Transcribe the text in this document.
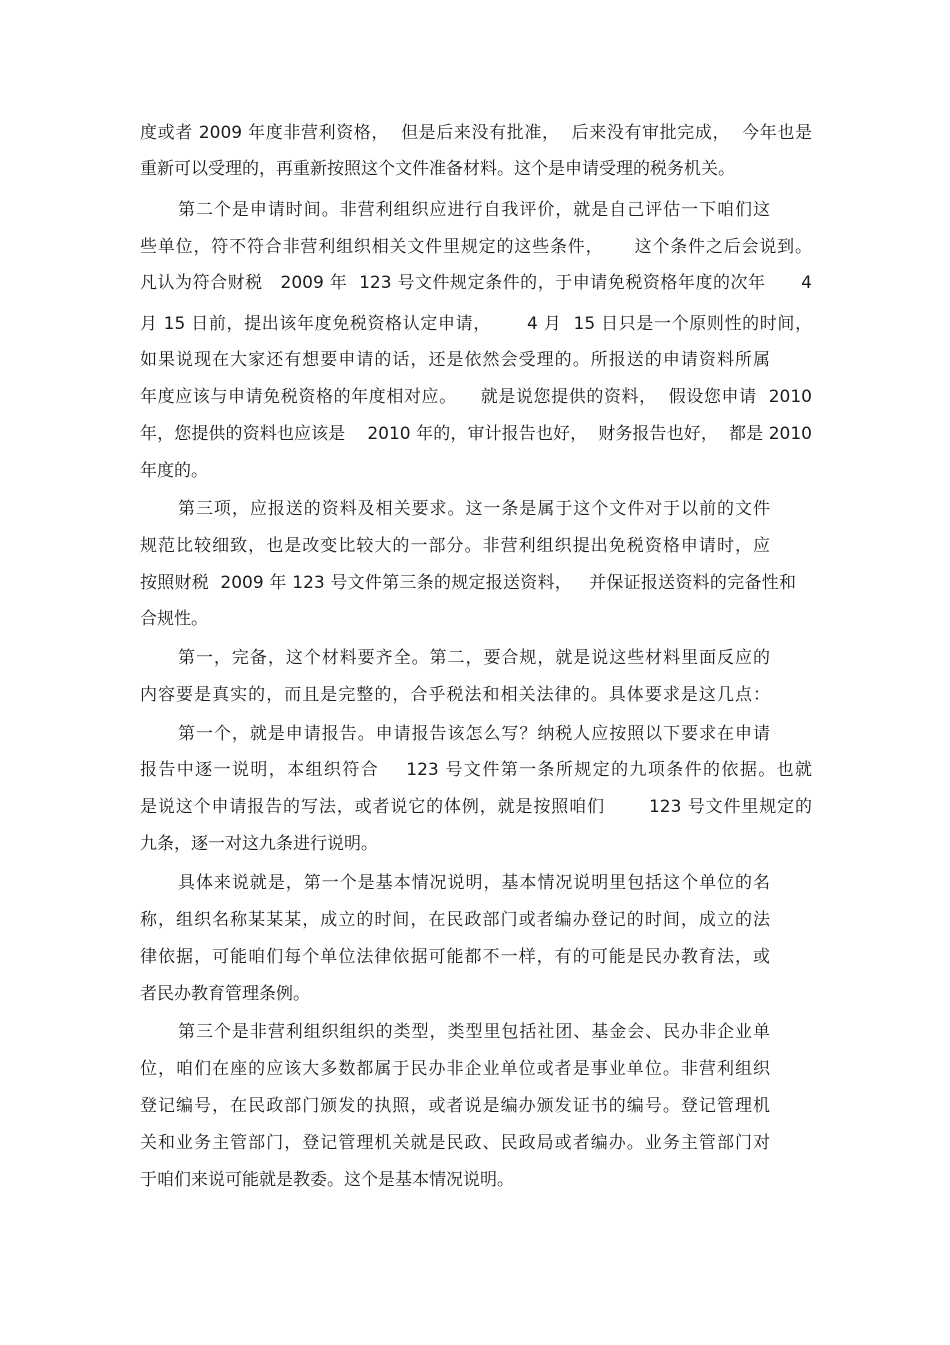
度或者 2009 年度非营利资格，  但是后来没有批准，  后来没有审批完成，  今年也是
重新可以受理的，再重新按照这个文件准备材料。这个是申请受理的税务机关。
第二个是申请时间。非营利组织应进行自我评价，就是自己评估一下咱们这
些单位，符不符合非营利组织相关文件里规定的这些条件，     这个条件之后会说到。
凡认为符合财税   2009 年  123 号文件规定条件的，于申请免税资格年度的次年      4
月 15 日前，提出该年度免税资格认定申请，      4 月  15 日只是一个原则性的时间，
如果说现在大家还有想要申请的话，还是依然会受理的。所报送的申请资料所属
年度应该与申请免税资格的年度相对应。    就是说您提供的资料，  假设您申请  2010
年，您提供的资料也应该是    2010 年的，审计报告也好，  财务报告也好，  都是 2010
年度的。
第三项，应报送的资料及相关要求。这一条是属于这个文件对于以前的文件
规范比较细致，也是改变比较大的一部分。非营利组织提出免税资格申请时，应
按照财税  2009 年 123 号文件第三条的规定报送资料，   并保证报送资料的完备性和
合规性。
第一，完备，这个材料要齐全。第二，要合规，就是说这些材料里面反应的
内容要是真实的，而且是完整的，合乎税法和相关法律的。具体要求是这几点：
第一个，就是申请报告。申请报告该怎么写？纳税人应按照以下要求在申请
报告中逐一说明，本组织符合    123 号文件第一条所规定的九项条件的依据。也就
是说这个申请报告的写法，或者说它的体例，就是按照咱们       123 号文件里规定的
九条，逐一对这九条进行说明。
具体来说就是，第一个是基本情况说明，基本情况说明里包括这个单位的名
称，组织名称某某某，成立的时间，在民政部门或者编办登记的时间，成立的法
律依据，可能咱们每个单位法律依据可能都不一样，有的可能是民办教育法，或
者民办教育管理条例。
第三个是非营利组织组织的类型，类型里包括社团、基金会、民办非企业单
位，咱们在座的应该大多数都属于民办非企业单位或者是事业单位。非营利组织
登记编号，在民政部门颁发的执照，或者说是编办颁发证书的编号。登记管理机
关和业务主管部门，登记管理机关就是民政、民政局或者编办。业务主管部门对
于咱们来说可能就是教委。这个是基本情况说明。
